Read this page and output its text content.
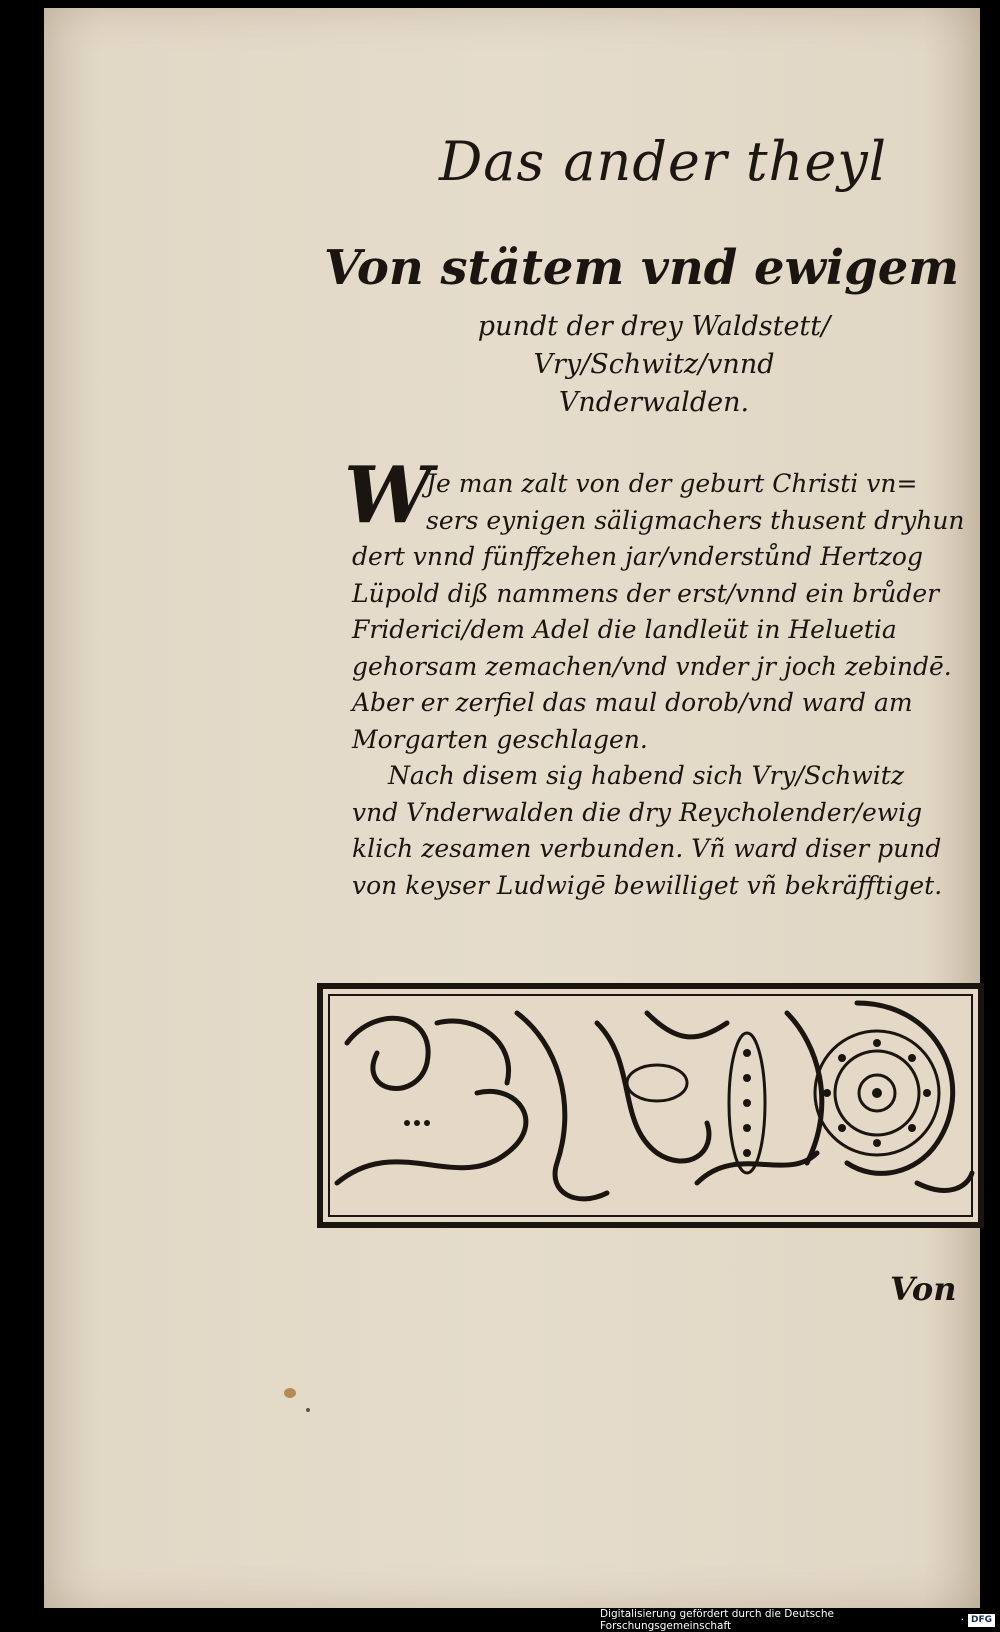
Das ander theyl
Von stätem vnd ewigem
pundt der drey Waldstett/
Vry/Schwitz/vnnd
Vnderwalden.
W
Je man zalt von der geburt Christi vn=
sers eynigen säligmachers thusent dryhun
dert vnnd fünffzehen jar/vnderstůnd Hertzog
Lüpold diß nammens der erst/vnnd ein brůder
Friderici/dem Adel die landleüt in Heluetia
gehorsam zemachen/vnd vnder jr joch zebindē.
Aber er zerfiel das maul dorob/vnd ward am
Morgarten geschlagen.
Nach disem sig habend sich Vry/Schwitz
vnd Vnderwalden die dry Reycholender/ewig
klich zesamen verbunden. Vñ ward diser pund
von keyser Ludwigē bewilliget vñ bekräfftiget.
Von
Digitalisierung gefördert durch die Deutsche Forschungsgemeinschaft	· DFG
